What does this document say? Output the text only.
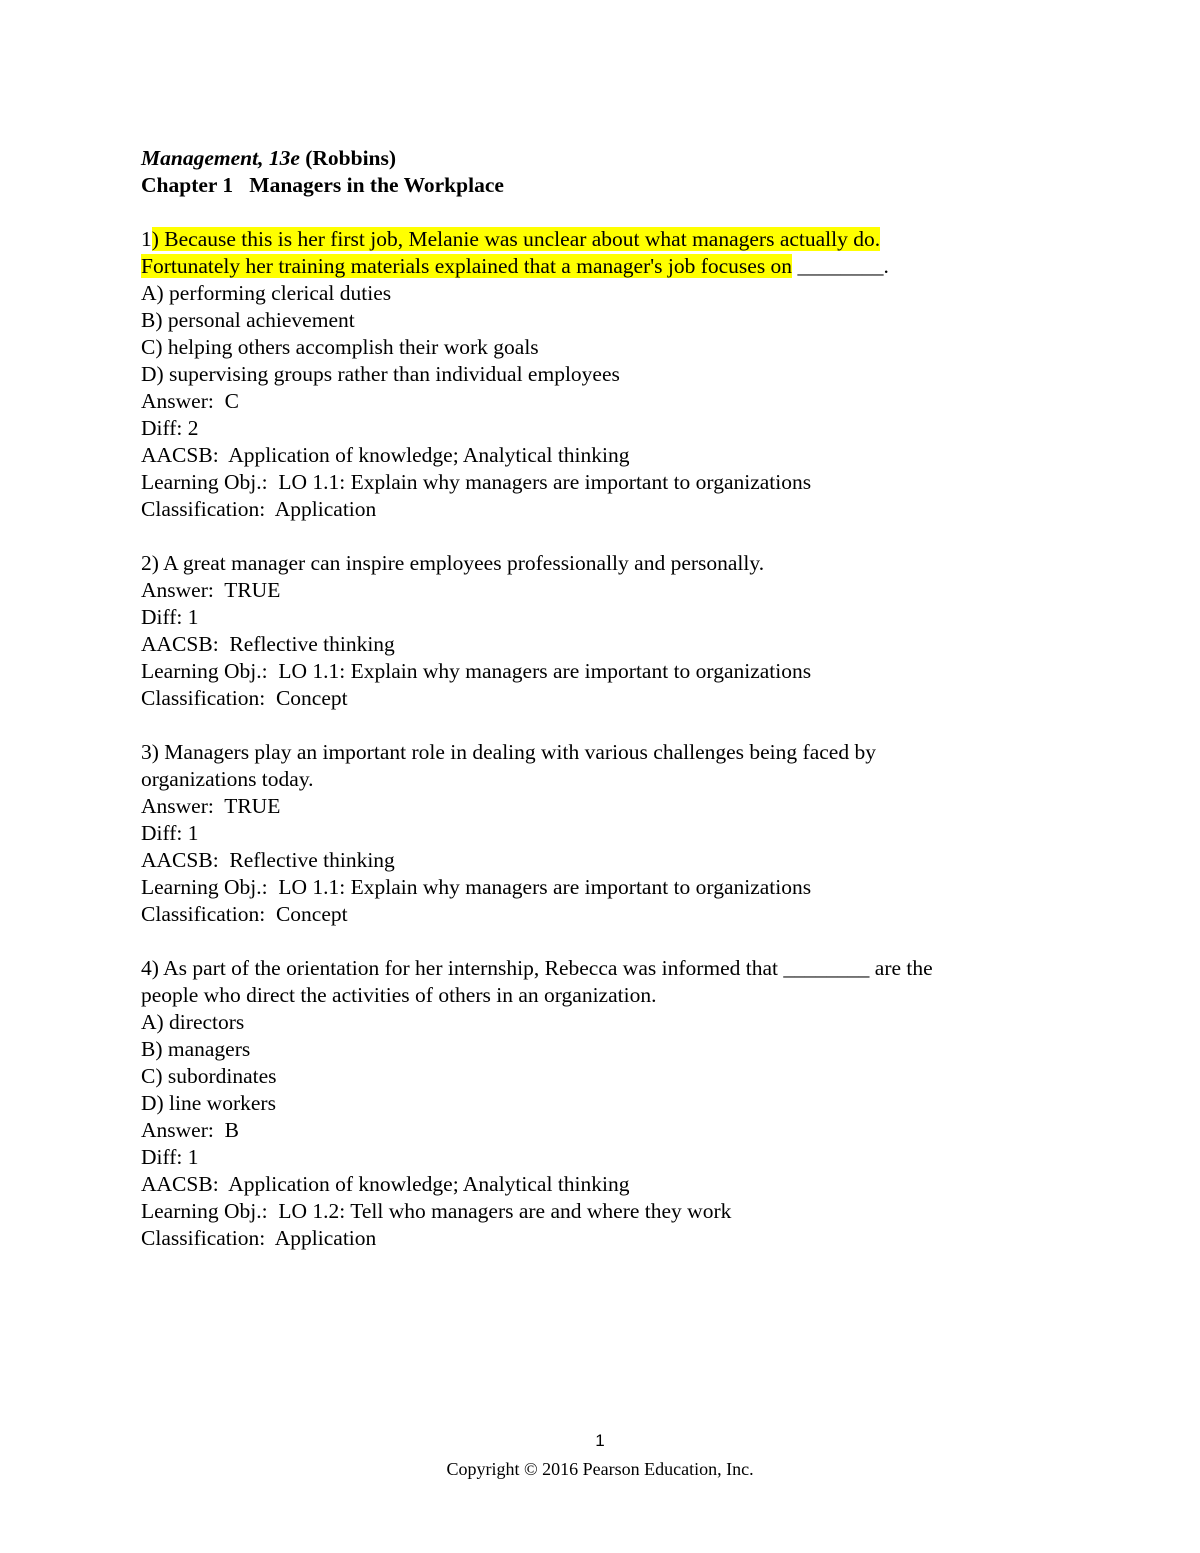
Management, 13e (Robbins)

Chapter 1   Managers in the Workplace

1) Because this is her first job, Melanie was unclear about what managers actually do.

Fortunately her training materials explained that a manager's job focuses on ________.

A) performing clerical duties

B) personal achievement

C) helping others accomplish their work goals

D) supervising groups rather than individual employees

Answer:  C

Diff: 2

AACSB:  Application of knowledge; Analytical thinking

Learning Obj.:  LO 1.1: Explain why managers are important to organizations

Classification:  Application

2) A great manager can inspire employees professionally and personally.

Answer:  TRUE

Diff: 1

AACSB:  Reflective thinking

Learning Obj.:  LO 1.1: Explain why managers are important to organizations

Classification:  Concept

3) Managers play an important role in dealing with various challenges being faced by

organizations today.

Answer:  TRUE

Diff: 1

AACSB:  Reflective thinking

Learning Obj.:  LO 1.1: Explain why managers are important to organizations

Classification:  Concept

4) As part of the orientation for her internship, Rebecca was informed that ________ are the

people who direct the activities of others in an organization.

A) directors

B) managers

C) subordinates

D) line workers

Answer:  B

Diff: 1

AACSB:  Application of knowledge; Analytical thinking

Learning Obj.:  LO 1.2: Tell who managers are and where they work

Classification:  Application

1
Copyright © 2016 Pearson Education, Inc.
